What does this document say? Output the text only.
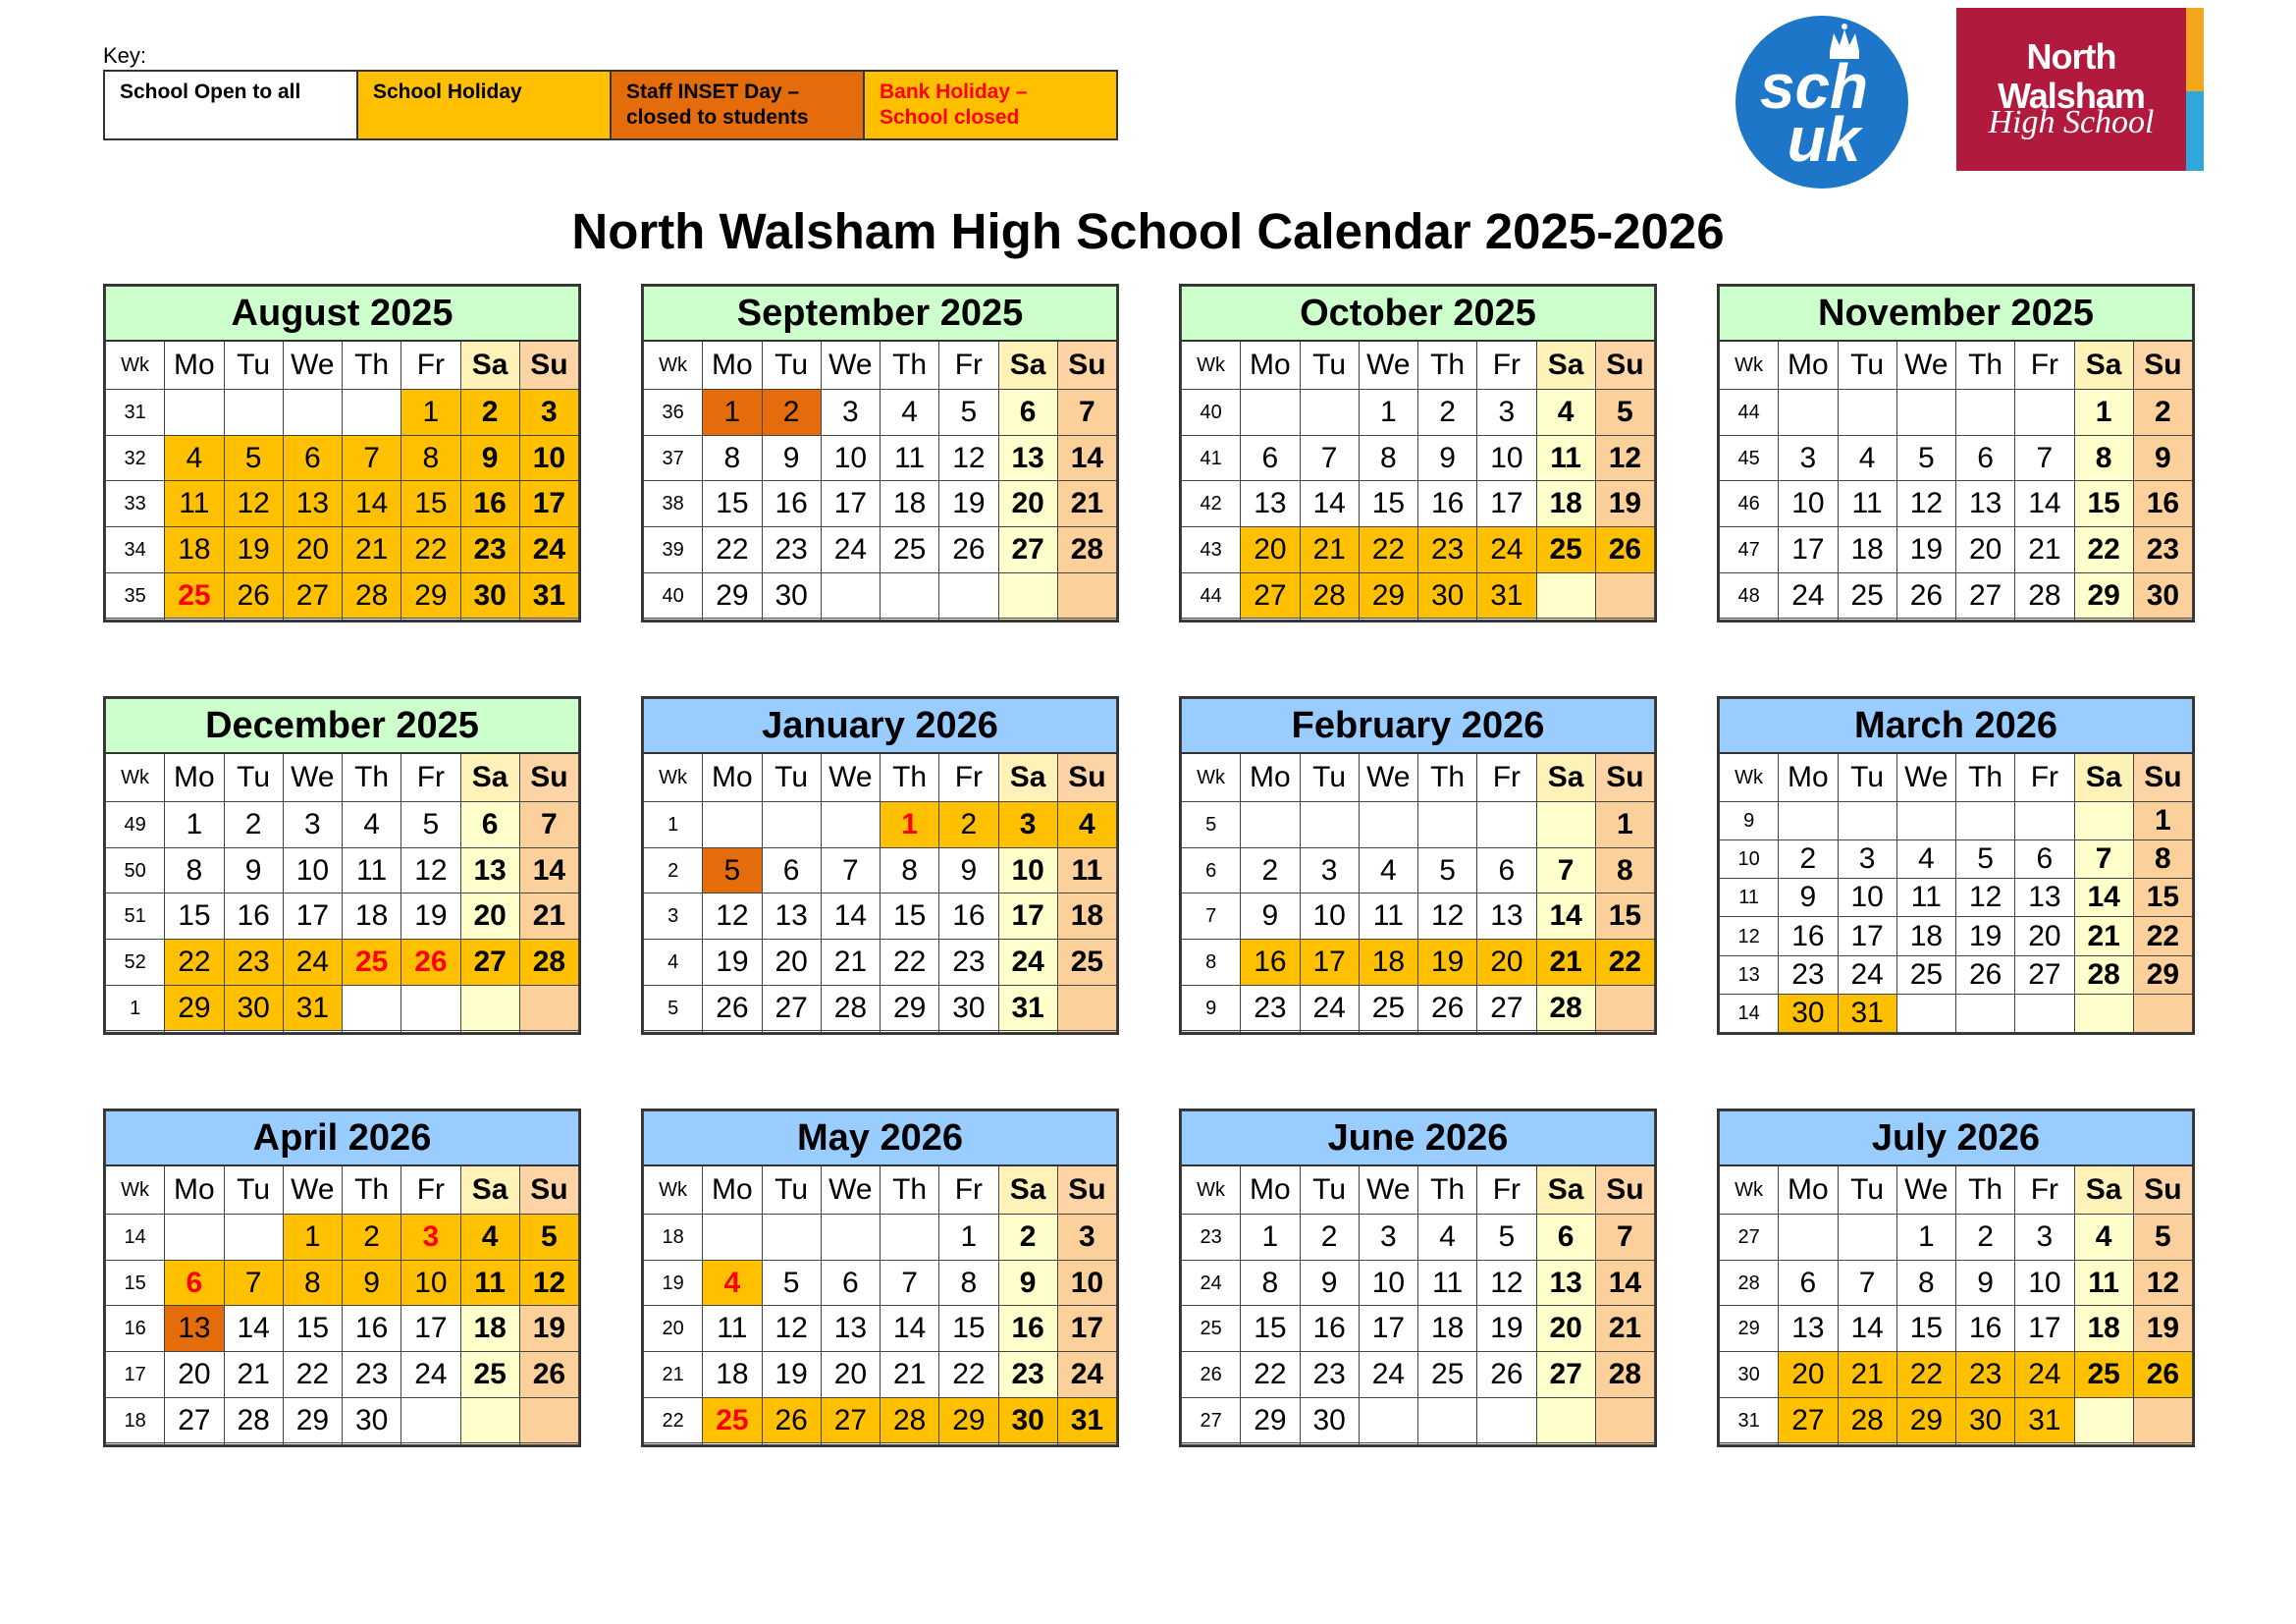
Key:
School Open to all	School Holiday	Staff INSET Day – closed to students	Bank Holiday – School closed	sch
uk
North
Walsham
High School
North Walsham High School Calendar 2025-2026
August 2025							
Wk	Mo	Tu	We	Th	Fr	Sa	Su
31					1	2	3
32	4	5	6	7	8	9	10
33	11	12	13	14	15	16	17
34	18	19	20	21	22	23	24
35	25	26	27	28	29	30	31

September 2025							
Wk	Mo	Tu	We	Th	Fr	Sa	Su
36	1	2	3	4	5	6	7
37	8	9	10	11	12	13	14
38	15	16	17	18	19	20	21
39	22	23	24	25	26	27	28
40	29	30					

October 2025							
Wk	Mo	Tu	We	Th	Fr	Sa	Su
40			1	2	3	4	5
41	6	7	8	9	10	11	12
42	13	14	15	16	17	18	19
43	20	21	22	23	24	25	26
44	27	28	29	30	31		

November 2025							
Wk	Mo	Tu	We	Th	Fr	Sa	Su
44						1	2
45	3	4	5	6	7	8	9
46	10	11	12	13	14	15	16
47	17	18	19	20	21	22	23
48	24	25	26	27	28	29	30

December 2025							
Wk	Mo	Tu	We	Th	Fr	Sa	Su
49	1	2	3	4	5	6	7
50	8	9	10	11	12	13	14
51	15	16	17	18	19	20	21
52	22	23	24	25	26	27	28
1	29	30	31				

January 2026							
Wk	Mo	Tu	We	Th	Fr	Sa	Su
1				1	2	3	4
2	5	6	7	8	9	10	11
3	12	13	14	15	16	17	18
4	19	20	21	22	23	24	25
5	26	27	28	29	30	31	

February 2026							
Wk	Mo	Tu	We	Th	Fr	Sa	Su
5							1
6	2	3	4	5	6	7	8
7	9	10	11	12	13	14	15
8	16	17	18	19	20	21	22
9	23	24	25	26	27	28	

March 2026							
Wk	Mo	Tu	We	Th	Fr	Sa	Su
9							1
10	2	3	4	5	6	7	8
11	9	10	11	12	13	14	15
12	16	17	18	19	20	21	22
13	23	24	25	26	27	28	29
14	30	31					
April 2026							
Wk	Mo	Tu	We	Th	Fr	Sa	Su
14			1	2	3	4	5
15	6	7	8	9	10	11	12
16	13	14	15	16	17	18	19
17	20	21	22	23	24	25	26
18	27	28	29	30			

May 2026							
Wk	Mo	Tu	We	Th	Fr	Sa	Su
18					1	2	3
19	4	5	6	7	8	9	10
20	11	12	13	14	15	16	17
21	18	19	20	21	22	23	24
22	25	26	27	28	29	30	31

June 2026							
Wk	Mo	Tu	We	Th	Fr	Sa	Su
23	1	2	3	4	5	6	7
24	8	9	10	11	12	13	14
25	15	16	17	18	19	20	21
26	22	23	24	25	26	27	28
27	29	30					

July 2026							
Wk	Mo	Tu	We	Th	Fr	Sa	Su
27			1	2	3	4	5
28	6	7	8	9	10	11	12
29	13	14	15	16	17	18	19
30	20	21	22	23	24	25	26
31	27	28	29	30	31		
